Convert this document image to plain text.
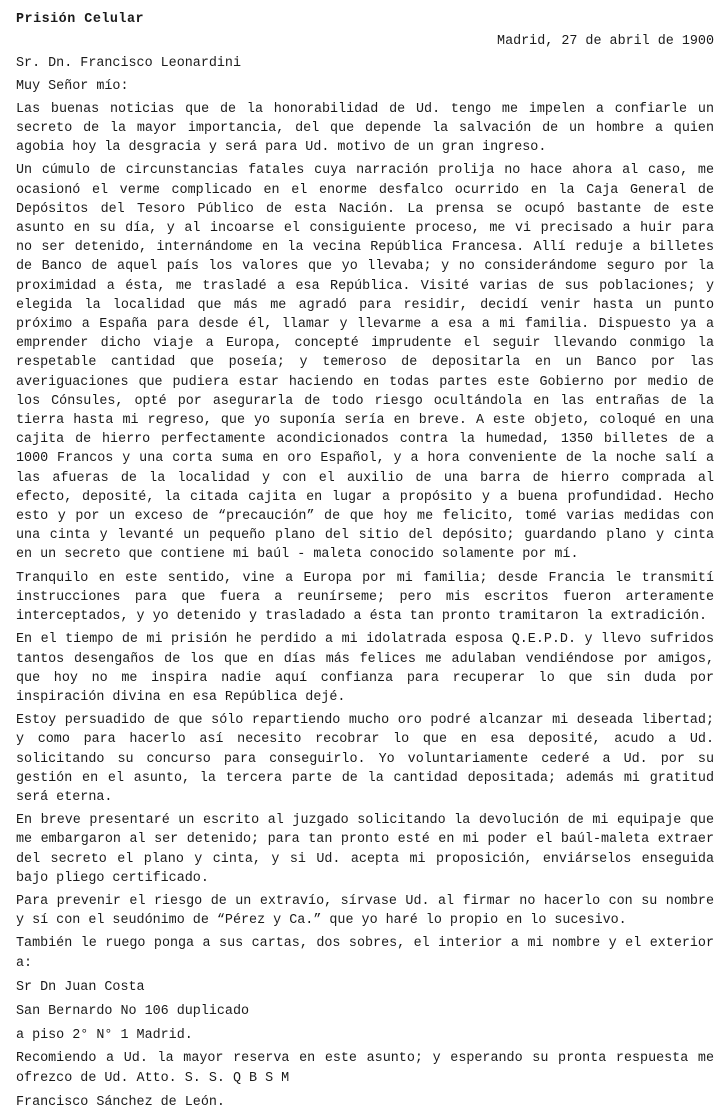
Prisión Celular
Madrid, 27 de abril de 1900
Sr. Dn. Francisco Leonardini
Muy Señor mío:
Las buenas noticias que de la honorabilidad de Ud. tengo me impelen a confiarle un secreto de la mayor importancia, del que depende la salvación de un hombre a quien agobia hoy la desgracia y será para Ud. motivo de un gran ingreso.
Un cúmulo de circunstancias fatales cuya narración prolija no hace ahora al caso, me ocasionó el verme complicado en el enorme desfalco ocurrido en la Caja General de Depósitos del Tesoro Público de esta Nación. La prensa se ocupó bastante de este asunto en su día, y al incoarse el consiguiente proceso, me vi precisado a huir para no ser detenido, internándome en la vecina República Francesa. Allí reduje a billetes de Banco de aquel país los valores que yo llevaba; y no considerándome seguro por la proximidad a ésta, me trasladé a esa República. Visité varias de sus poblaciones; y elegida la localidad que más me agradó para residir, decidí venir hasta un punto próximo a España para desde él, llamar y llevarme a esa a mi familia. Dispuesto ya a emprender dicho viaje a Europa, concepté imprudente el seguir llevando conmigo la respetable cantidad que poseía; y temeroso de depositarla en un Banco por las averiguaciones que pudiera estar haciendo en todas partes este Gobierno por medio de los Cónsules, opté por asegurarla de todo riesgo ocultándola en las entrañas de la tierra hasta mi regreso, que yo suponía sería en breve. A este objeto, coloqué en una cajita de hierro perfectamente acondicionados contra la humedad, 1350 billetes de a 1000 Francos y una corta suma en oro Español, y a hora conveniente de la noche salí a las afueras de la localidad y con el auxilio de una barra de hierro comprada al efecto, deposité, la citada cajita en lugar a propósito y a buena profundidad. Hecho esto y por un exceso de “precaución” de que hoy me felicito, tomé varias medidas con una cinta y levanté un pequeño plano del sitio del depósito; guardando plano y cinta en un secreto que contiene mi baúl - maleta conocido solamente por mí.
Tranquilo en este sentido, vine a Europa por mi familia; desde Francia le transmití instrucciones para que fuera a reunírseme; pero mis escritos fueron arteramente interceptados, y yo detenido y trasladado a ésta tan pronto tramitaron la extradición.
En el tiempo de mi prisión he perdido a mi idolatrada esposa Q.E.P.D. y llevo sufridos tantos desengaños de los que en días más felices me adulaban vendiéndose por amigos, que hoy no me inspira nadie aquí confianza para recuperar lo que sin duda por inspiración divina en esa República dejé.
Estoy persuadido de que sólo repartiendo mucho oro podré alcanzar mi deseada libertad; y como para hacerlo así necesito recobrar lo que en esa deposité, acudo a Ud. solicitando su concurso para conseguirlo. Yo voluntariamente cederé a Ud. por su gestión en el asunto, la tercera parte de la cantidad depositada; además mi gratitud será eterna.
En breve presentaré un escrito al juzgado solicitando la devolución de mi equipaje que me embargaron al ser detenido; para tan pronto esté en mi poder el baúl-maleta extraer del secreto el plano y cinta, y si Ud. acepta mi proposición, enviárselos enseguida bajo pliego certificado.
Para prevenir el riesgo de un extravío, sírvase Ud. al firmar no hacerlo con su nombre y sí con el seudónimo de “Pérez y Ca.” que yo haré lo propio en lo sucesivo.
También le ruego ponga a sus cartas, dos sobres, el interior a mi nombre y el exterior a:
Sr Dn Juan Costa
San Bernardo No 106 duplicado
a piso 2° N° 1 Madrid.
Recomiendo a Ud. la mayor reserva en este asunto; y esperando su pronta respuesta me ofrezco de Ud. Atto. S. S. Q B S M
Francisco Sánchez de León.
